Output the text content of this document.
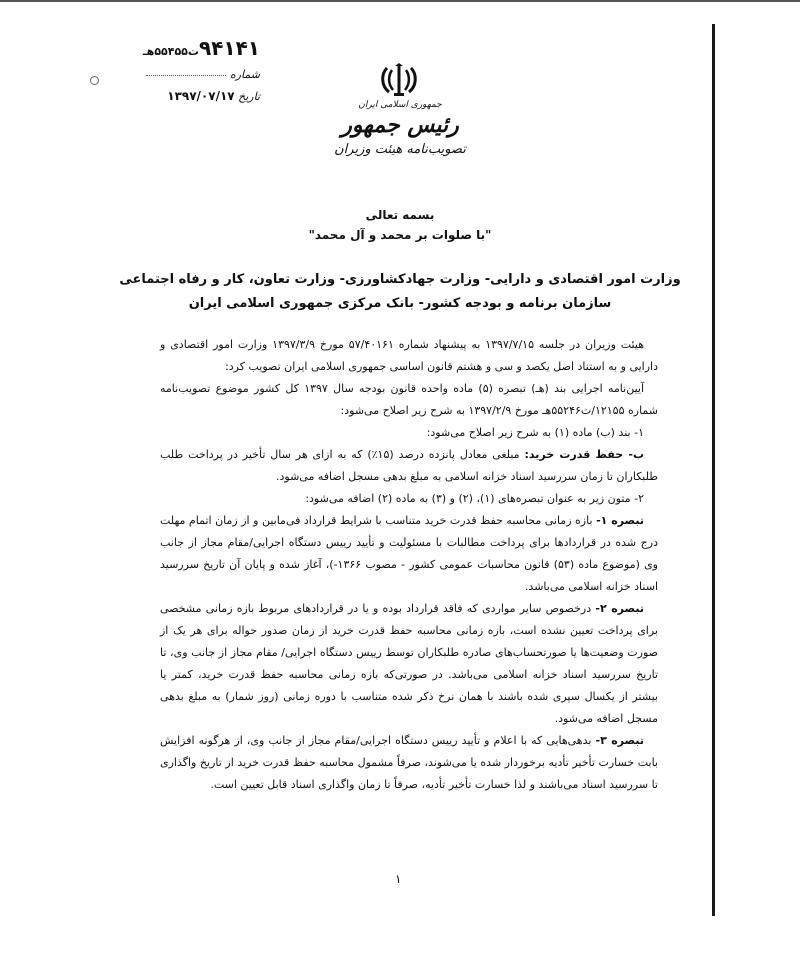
۹۴۱۴۱ت۵۵۴۵۵هـ
شماره
تاریخ ۱۳۹۷/۰۷/۱۷
جمهوری اسلامی ایران
رئیس جمهور
تصویب‌نامه هیئت وزیران
بسمه تعالی
"با صلوات بر محمد و آل محمد"
وزارت امور اقتصادی و دارایی- وزارت جهادکشاورزی- وزارت تعاون، کار و رفاه اجتماعی
سازمان برنامه و بودجه کشور- بانک مرکزی جمهوری اسلامی ایران

هیئت وزیران در جلسه ۱۳۹۷/۷/۱۵ به پیشنهاد شماره ۵۷/۴۰۱۶۱ مورخ ۱۳۹۷/۳/۹ وزارت امور اقتصادی و دارایی و به استناد اصل یکصد و سی و هشتم قانون اساسی جمهوری اسلامی ایران تصویب کرد:

آیین‌نامه اجرایی بند (هـ) تبصره (۵) ماده واحده قانون بودجه سال ۱۳۹۷ کل کشور موضوع تصویب‌نامه شماره ۱۲۱۵۵/ت۵۵۲۴۶هـ مورخ ۱۳۹۷/۲/۹ به شرح زیر اصلاح می‌شود:

۱- بند (ب) ماده (۱) به شرح زیر اصلاح می‌شود:

ب- حفظ قدرت خرید: مبلغی معادل پانزده درصد (۱۵٪) که به ازای هر سال تأخیر در پرداخت طلب طلبکاران تا زمان سررسید اسناد خزانه اسلامی به مبلغ بدهی مسجل اضافه می‌شود.

۲- متون زیر به عنوان تبصره‌های (۱)، (۲) و (۳) به ماده (۲) اضافه می‌شود:

تبصره ۱- بازه زمانی محاسبه حفظ قدرت خرید متناسب با شرایط قرارداد فی‌مابین و از زمان اتمام مهلت درج شده در قراردادها برای پرداخت مطالبات با مسئولیت و تأیید رییس دستگاه اجرایی/مقام مجاز از جانب وی (موضوع ماده (۵۳) قانون محاسبات عمومی کشور - مصوب ۱۳۶۶-)، آغاز شده و پایان آن تاریخ سررسید اسناد خزانه اسلامی می‌باشد.

تبصره ۲- درخصوص سایر مواردی که فاقد قرارداد بوده و یا در قراردادهای مربوط بازه زمانی مشخصی برای پرداخت تعیین نشده است، بازه زمانی محاسبه حفظ قدرت خرید از زمان صدور حواله برای هر یک از صورت وضعیت‌ها یا صورتحساب‌های صادره طلبکاران توسط رییس دستگاه اجرایی/ مقام مجاز از جانب وی، تا تاریخ سررسید اسناد خزانه اسلامی می‌باشد. در صورتی‌که بازه زمانی محاسبه حفظ قدرت خرید، کمتر یا بیشتر از یکسال سپری شده باشند با همان نرخ ذکر شده متناسب با دوره زمانی (روز شمار) به مبلغ بدهی مسجل اضافه می‌شود.

تبصره ۳- بدهی‌هایی که با اعلام و تأیید رییس دستگاه اجرایی/مقام مجاز از جانب وی، از هرگونه افزایش بابت خسارت تأخیر تأدیه برخوردار شده یا می‌شوند، صرفاً مشمول محاسبه حفظ قدرت خرید از تاریخ واگذاری تا سررسید اسناد می‌باشند و لذا خسارت تأخیر تأدیه، صرفاً تا زمان واگذاری اسناد قابل تعیین است.

۱
